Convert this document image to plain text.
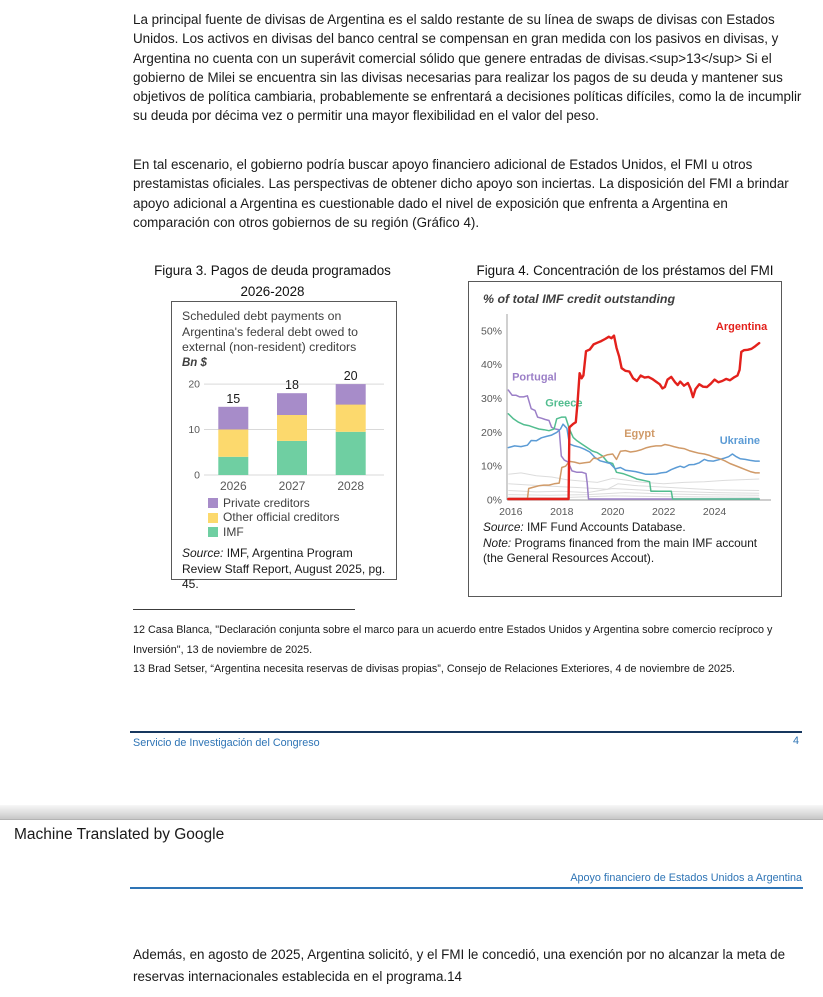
La principal fuente de divisas de Argentina es el saldo restante de su línea de swaps de divisas con Estados Unidos. Los activos en divisas del banco central se compensan en gran medida con los pasivos en divisas, y Argentina no cuenta con un superávit comercial sólido que genere entradas de divisas.<sup>13</sup> Si el gobierno de Milei se encuentra sin las divisas necesarias para realizar los pagos de su deuda y mantener sus objetivos de política cambiaria, probablemente se enfrentará a decisiones políticas difíciles, como la de incumplir su deuda por décima vez o permitir una mayor flexibilidad en el valor del peso.

En tal escenario, el gobierno podría buscar apoyo financiero adicional de Estados Unidos, el FMI u otros prestamistas oficiales. Las perspectivas de obtener dicho apoyo son inciertas. La disposición del FMI a brindar apoyo adicional a Argentina es cuestionable dado el nivel de exposición que enfrenta a Argentina en comparación con otros gobiernos de su región (Gráfico 4).

Figura 3. Pagos de deuda programados
2026-2028
Figura 4. Concentración de los préstamos del FMI
Scheduled debt payments on Argentina's federal debt owed to external (non-resident) creditors
Bn $
0
10
20
15
2026
18
2027
20
2028
Private creditors
Other official creditors
IMF
Source: IMF, Argentina Program Review Staff Report, August 2025, pg. 45.
% of total IMF credit outstanding
0%
10%
20%
30%
40%
50%
2016	2018	2020	2022	2024
Portugal
Greece
Ukraine
Egypt
Argentina
Source: IMF Fund Accounts Database.
Note: Programs financed from the main IMF account
(the General Resources Accout).

12 Casa Blanca, "Declaración conjunta sobre el marco para un acuerdo entre Estados Unidos y Argentina sobre comercio recíproco y Inversión", 13 de noviembre de 2025.

13 Brad Setser, “Argentina necesita reservas de divisas propias”, Consejo de Relaciones Exteriores, 4 de noviembre de 2025.

Servicio de Investigación del Congreso	4
Machine Translated by Google
Apoyo financiero de Estados Unidos a Argentina

Además, en agosto de 2025, Argentina solicitó, y el FMI le concedió, una exención por no alcanzar la meta de reservas internacionales establecida en el programa.14
